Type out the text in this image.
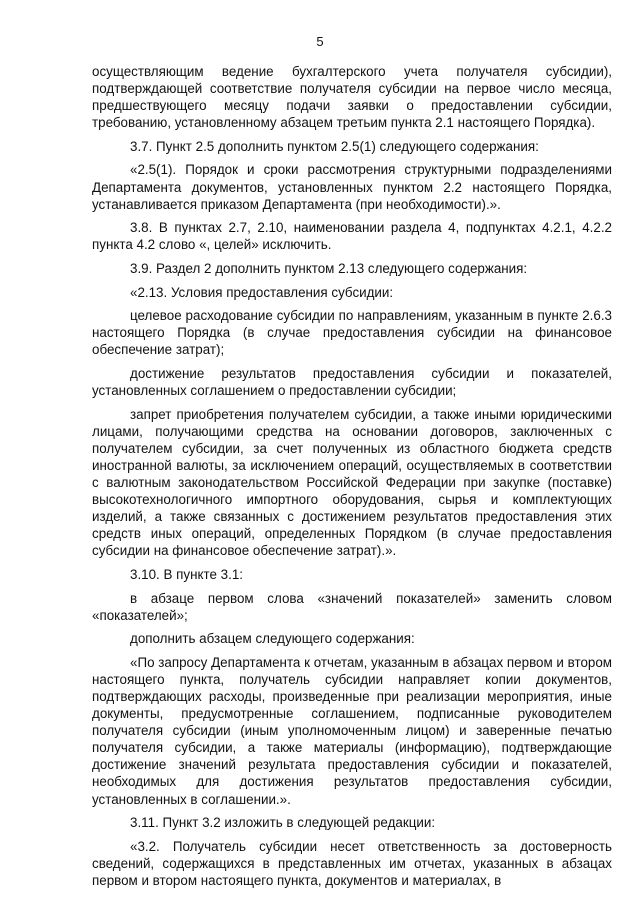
5

осуществляющим ведение бухгалтерского учета получателя субсидии), подтверждающей соответствие получателя субсидии на первое число месяца, предшествующего месяцу подачи заявки о предоставлении субсидии, требованию, установленному абзацем третьим пункта 2.1 настоящего Порядка).

3.7. Пункт 2.5 дополнить пунктом 2.5(1) следующего содержания:

«2.5(1). Порядок и сроки рассмотрения структурными подразделениями Департамента документов, установленных пунктом 2.2 настоящего Порядка, устанавливается приказом Департамента (при необходимости).».

3.8. В пунктах 2.7, 2.10, наименовании раздела 4, подпунктах 4.2.1, 4.2.2 пункта 4.2 слово «, целей» исключить.

3.9. Раздел 2 дополнить пунктом 2.13 следующего содержания:

«2.13. Условия предоставления субсидии:

целевое расходование субсидии по направлениям, указанным в пункте 2.6.3 настоящего Порядка (в случае предоставления субсидии на финансовое обеспечение затрат);

достижение результатов предоставления субсидии и показателей, установленных соглашением о предоставлении субсидии;

запрет приобретения получателем субсидии, а также иными юридическими лицами, получающими средства на основании договоров, заключенных с получателем субсидии, за счет полученных из областного бюджета средств иностранной валюты, за исключением операций, осуществляемых в соответствии с валютным законодательством Российской Федерации при закупке (поставке) высокотехнологичного импортного оборудования, сырья и комплектующих изделий, а также связанных с достижением результатов предоставления этих средств иных операций, определенных Порядком (в случае предоставления субсидии на финансовое обеспечение затрат).».

3.10. В пункте 3.1:

в абзаце первом слова «значений показателей» заменить словом «показателей»;

дополнить абзацем следующего содержания:

«По запросу Департамента к отчетам, указанным в абзацах первом и втором настоящего пункта, получатель субсидии направляет копии документов, подтверждающих расходы, произведенные при реализации мероприятия, иные документы, предусмотренные соглашением, подписанные руководителем получателя субсидии (иным уполномоченным лицом) и заверенные печатью получателя субсидии, а также материалы (информацию), подтверждающие достижение значений результата предоставления субсидии и показателей, необходимых для достижения результатов предоставления субсидии, установленных в соглашении.».

3.11. Пункт 3.2 изложить в следующей редакции:

«3.2. Получатель субсидии несет ответственность за достоверность сведений, содержащихся в представленных им отчетах, указанных в абзацах первом и втором настоящего пункта, документов и материалах, в
